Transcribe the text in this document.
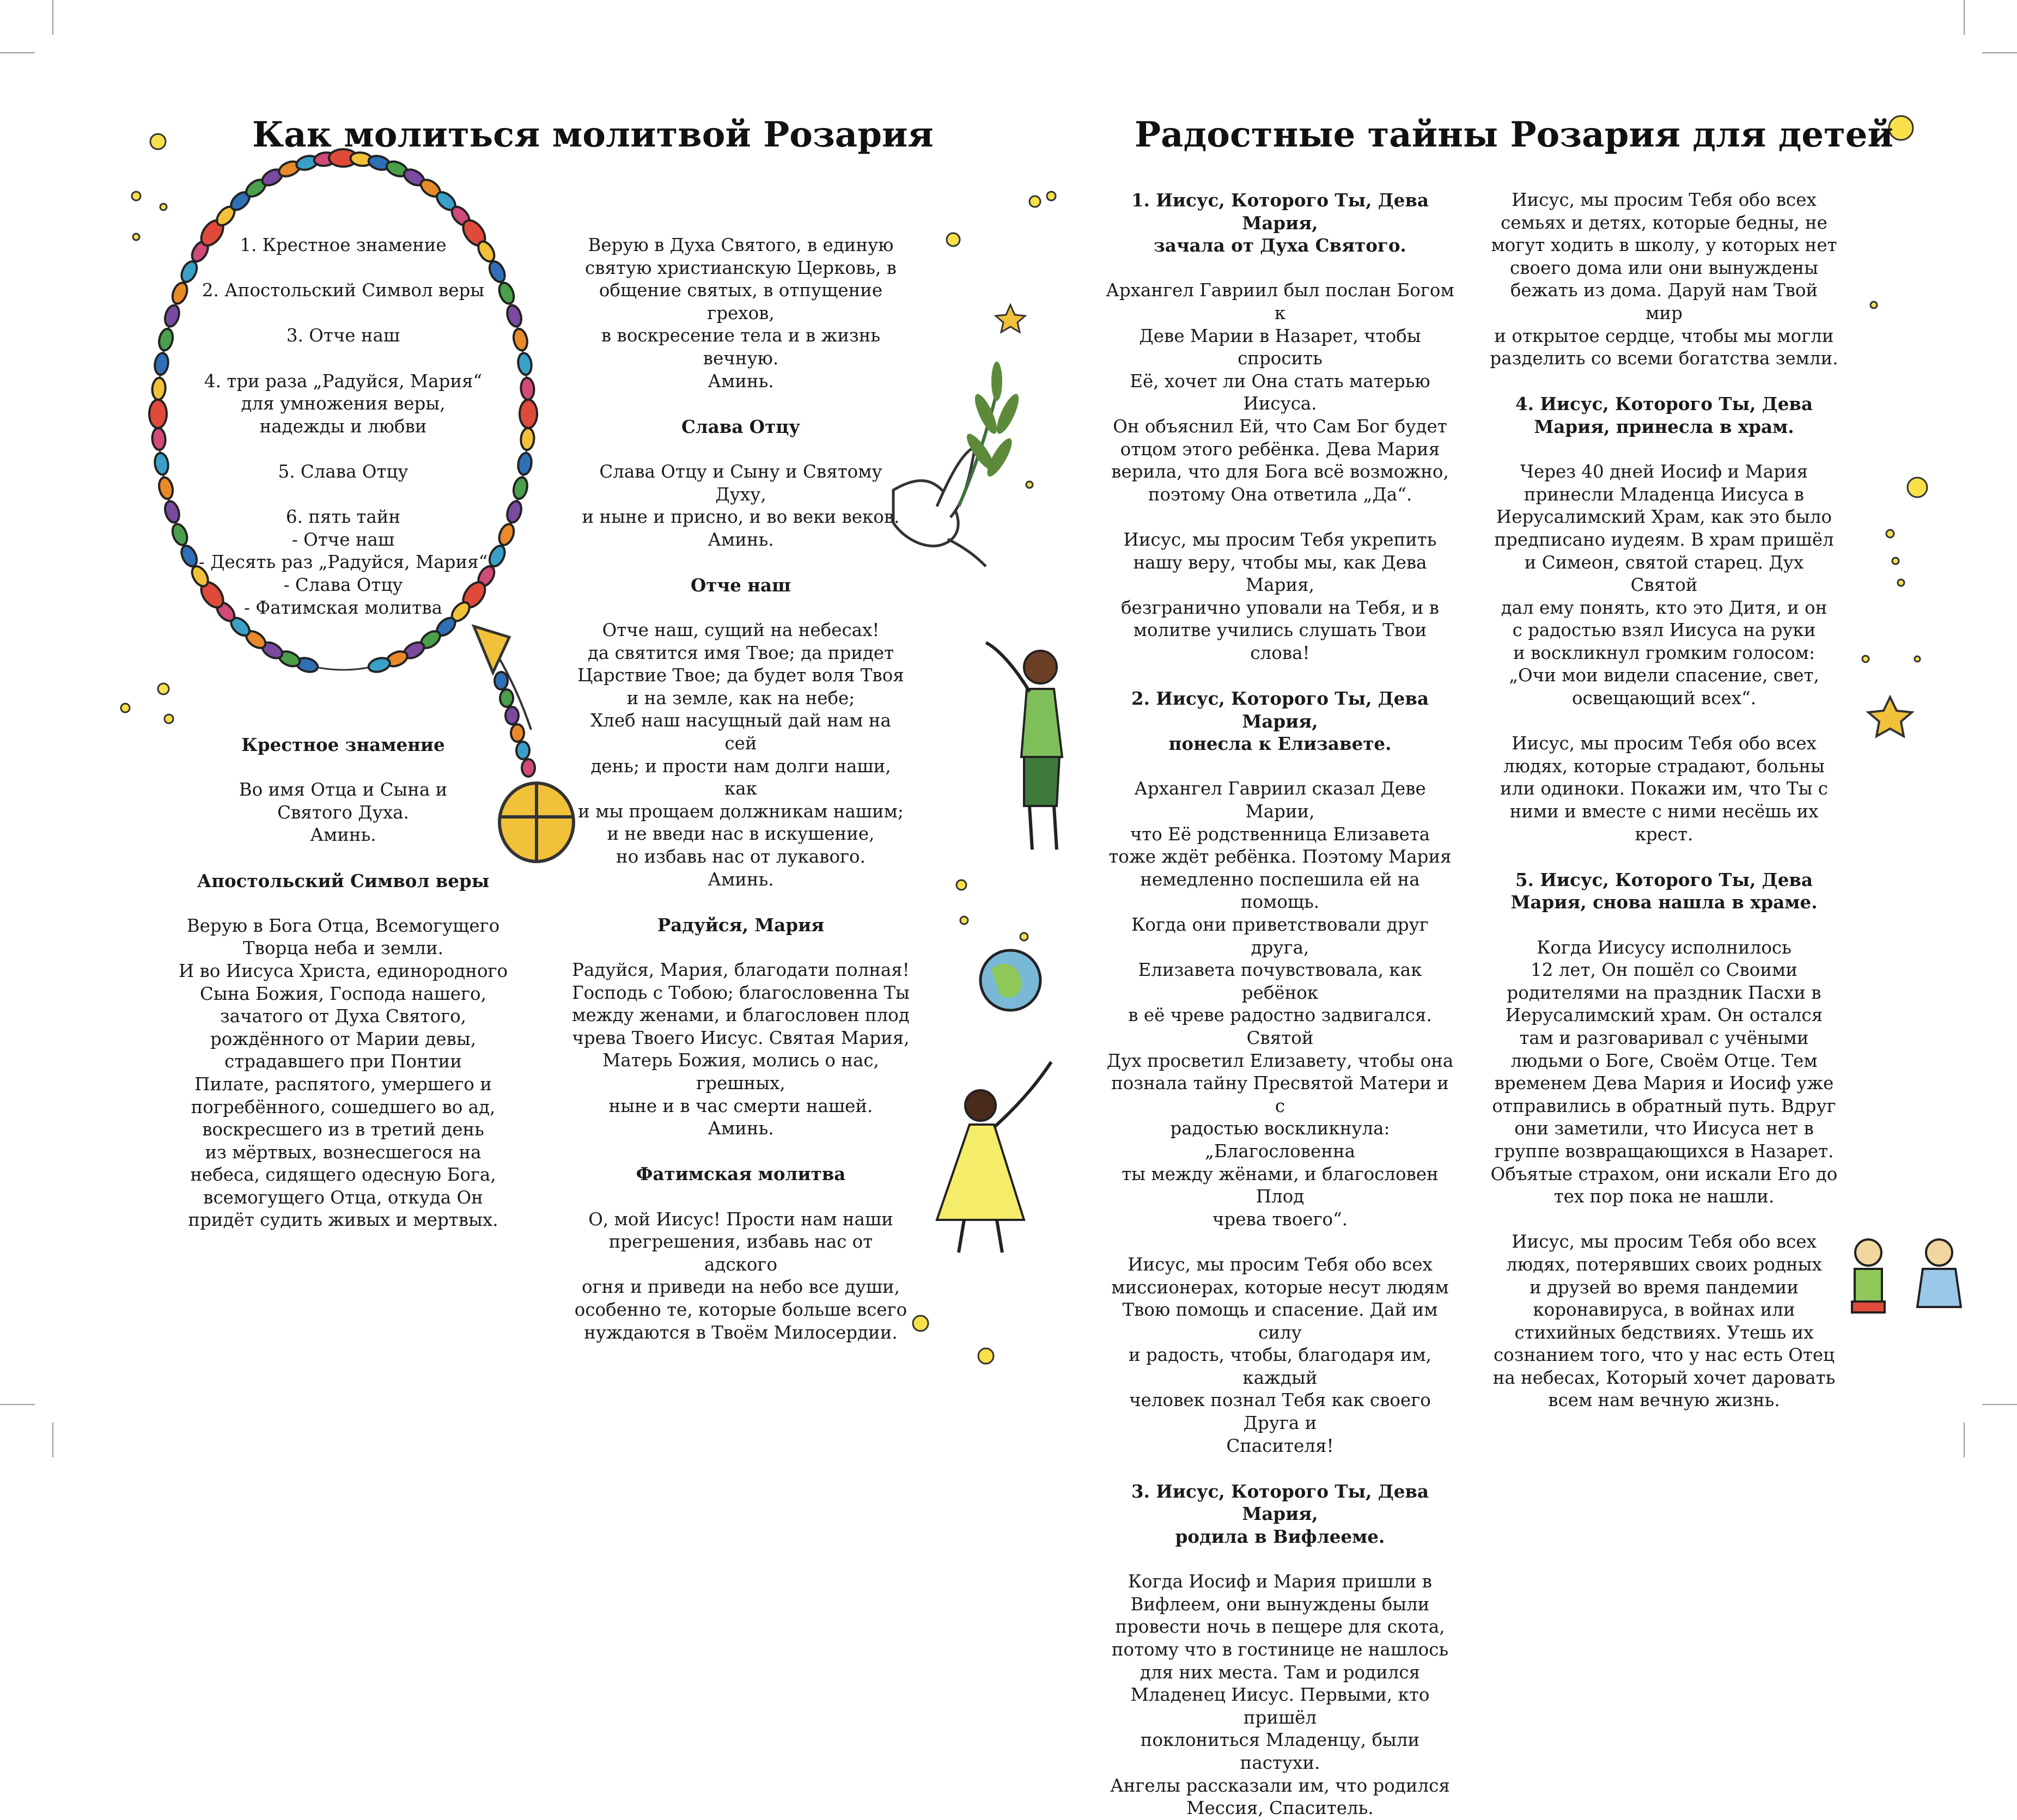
Как молиться молитвой Розария

1. Крестное знамение

2. Апостольский Символ веры

3. Отче наш

4. три раза „Радуйся, Мария“
для умножения веры,
надежды и любви

5. Слава Отцу

6. пять тайн
- Отче наш
- Десять раз „Радуйся, Мария“
- Слава Отцу
- Фатимская молитва

Крестное знамение

Во имя Отца и Сына и
Святого Духа.
Аминь.

Апостольский Символ веры

Верую в Бога Отца, Всемогущего
Творца неба и земли.
И во Иисуса Христа, единородного
Сына Божия, Господа нашего,
зачатого от Духа Святого,
рождённого от Марии девы,
страдавшего при Понтии
Пилате, распятого, умершего и
погребённого, сошедшего во ад,
воскресшего из в третий день
из мёртвых, вознесшегося на
небеса, сидящего одесную Бога,
всемогущего Отца, откуда Он
придёт судить живых и мертвых.

Верую в Духа Святого, в единую
святую христианскую Церковь, в
общение святых, в отпущение грехов,
в воскресение тела и в жизнь вечную.
Аминь.

Слава Отцу

Слава Отцу и Сыну и Святому Духу,
и ныне и присно, и во веки веков.
Аминь.

Отче наш

Отче наш, сущий на небесах!
да святится имя Твое; да придет
Царствие Твое; да будет воля Твоя
и на земле, как на небе;
Хлеб наш насущный дай нам на сей
день; и прости нам долги наши, как
и мы прощаем должникам нашим;
и не введи нас в искушение,
но избавь нас от лукавого.
Аминь.

Радуйся, Мария

Радуйся, Мария, благодати полная!
Господь с Тобою; благословенна Ты
между женами, и благословен плод
чрева Твоего Иисус. Святая Мария,
Матерь Божия, молись о нас, грешных,
ныне и в час смерти нашей.
Аминь.

Фатимская молитва

О, мой Иисус! Прости нам наши
прегрешения, избавь нас от адского
огня и приведи на небо все души,
особенно те, которые больше всего
нуждаются в Твоём Милосердии.

Радостные тайны Розария для детей

1. Иисус, Которого Ты, Дева Мария,
зачала от Духа Святого.

Архангел Гавриил был послан Богом к
Деве Марии в Назарет, чтобы спросить
Её, хочет ли Она стать матерью Иисуса.
Он объяснил Ей, что Сам Бог будет
отцом этого ребёнка. Дева Мария
верила, что для Бога всё возможно,
поэтому Она ответила „Да“.

Иисус, мы просим Тебя укрепить
нашу веру, чтобы мы, как Дева Мария,
безгранично уповали на Тебя, и в
молитве учились слушать Твои слова!

2. Иисус, Которого Ты, Дева Мария,
понесла к Елизавете.

Архангел Гавриил сказал Деве Марии,
что Её родственница Елизавета
тоже ждёт ребёнка. Поэтому Мария
немедленно поспешила ей на помощь.
Когда они приветствовали друг друга,
Елизавета почувствовала, как ребёнок
в её чреве радостно задвигался. Святой
Дух просветил Елизавету, чтобы она
познала тайну Пресвятой Матери и с
радостью воскликнула: „Благословенна
ты между жёнами, и благословен Плод
чрева твоего“.

Иисус, мы просим Тебя обо всех
миссионерах, которые несут людям
Твою помощь и спасение. Дай им силу
и радость, чтобы, благодаря им, каждый
человек познал Тебя как своего Друга и
Спасителя!

3. Иисус, Которого Ты, Дева Мария,
родила в Вифлееме.

Когда Иосиф и Мария пришли в
Вифлеем, они вынуждены были
провести ночь в пещере для скота,
потому что в гостинице не нашлось
для них места. Там и родился
Младенец Иисус. Первыми, кто пришёл
поклониться Младенцу, были пастухи.
Ангелы рассказали им, что родился
Мессия, Спаситель.

Иисус, мы просим Тебя обо всех
семьях и детях, которые бедны, не
могут ходить в школу, у которых нет
своего дома или они вынуждены
бежать из дома. Даруй нам Твой мир
и открытое сердце, чтобы мы могли
разделить со всеми богатства земли.

4. Иисус, Которого Ты, Дева
Мария, принесла в храм.

Через 40 дней Иосиф и Мария
принесли Младенца Иисуса в
Иерусалимский Храм, как это было
предписано иудеям. В храм пришёл
и Симеон, святой старец. Дух Святой
дал ему понять, кто это Дитя, и он
с радостью взял Иисуса на руки
и воскликнул громким голосом:
„Очи мои видели спасение, свет,
освещающий всех“.

Иисус, мы просим Тебя обо всех
людях, которые страдают, больны
или одиноки. Покажи им, что Ты с
ними и вместе с ними несёшь их
крест.

5. Иисус, Которого Ты, Дева
Мария, снова нашла в храме.

Когда Иисусу исполнилось
12 лет, Он пошёл со Своими
родителями на праздник Пасхи в
Иерусалимский храм. Он остался
там и разговаривал с учёными
людьми о Боге, Своём Отце. Тем
временем Дева Мария и Иосиф уже
отправились в обратный путь. Вдруг
они заметили, что Иисуса нет в
группе возвращающихся в Назарет.
Объятые страхом, они искали Его до
тех пор пока не нашли.

Иисус, мы просим Тебя обо всех
людях, потерявших своих родных
и друзей во время пандемии
коронавируса, в войнах или
стихийных бедствиях. Утешь их
сознанием того, что у нас есть Отец
на небесах, Который хочет даровать
всем нам вечную жизнь.
